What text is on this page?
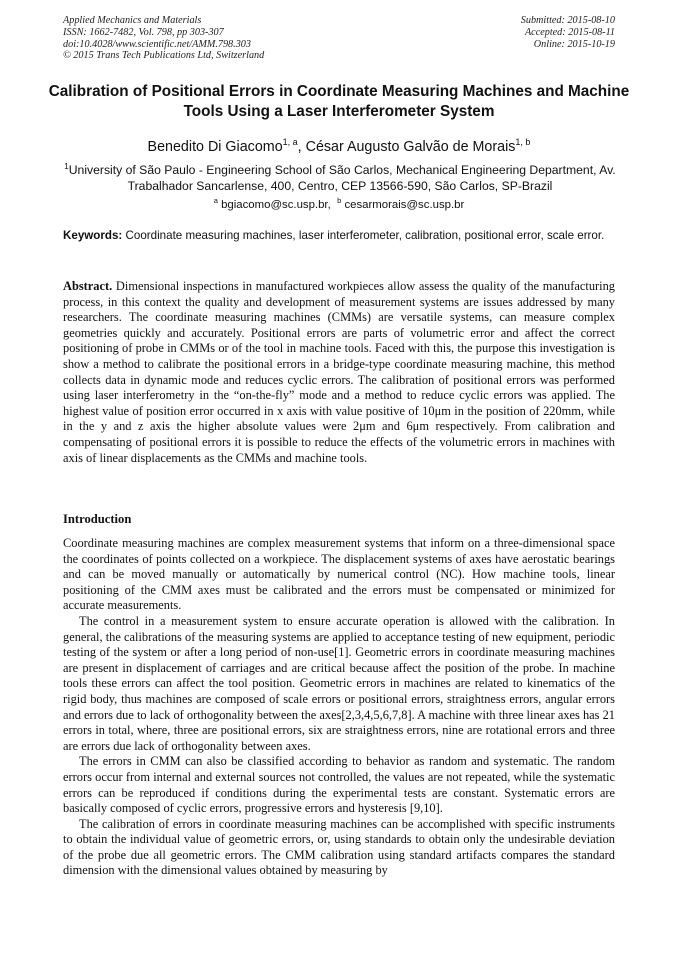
Applied Mechanics and Materials
ISSN: 1662-7482, Vol. 798, pp 303-307
doi:10.4028/www.scientific.net/AMM.798.303
© 2015 Trans Tech Publications Ltd, Switzerland
Submitted: 2015-08-10
Accepted: 2015-08-11
Online: 2015-10-19
Calibration of Positional Errors in Coordinate Measuring Machines and Machine Tools Using a Laser Interferometer System
Benedito Di Giacomo$^{1, a}$, César Augusto Galvão de Morais$^{1, b}$
$^1$University of São Paulo - Engineering School of São Carlos, Mechanical Engineering Department, Av. Trabalhador Sancarlense, 400, Centro, CEP 13566-590, São Carlos, SP-Brazil
$^a$ bgiacomo@sc.usp.br, $^b$ cesarmorais@sc.usp.br
Keywords: Coordinate measuring machines, laser interferometer, calibration, positional error, scale error.
Abstract. Dimensional inspections in manufactured workpieces allow assess the quality of the manufacturing process, in this context the quality and development of measurement systems are issues addressed by many researchers. The coordinate measuring machines (CMMs) are versatile systems, can measure complex geometries quickly and accurately. Positional errors are parts of volumetric error and affect the correct positioning of probe in CMMs or of the tool in machine tools. Faced with this, the purpose this investigation is show a method to calibrate the positional errors in a bridge-type coordinate measuring machine, this method collects data in dynamic mode and reduces cyclic errors. The calibration of positional errors was performed using laser interferometry in the “on-the-fly” mode and a method to reduce cyclic errors was applied. The highest value of position error occurred in x axis with value positive of 10μm in the position of 220mm, while in the y and z axis the higher absolute values were 2μm and 6μm respectively. From calibration and compensating of positional errors it is possible to reduce the effects of the volumetric errors in machines with axis of linear displacements as the CMMs and machine tools.
Introduction

Coordinate measuring machines are complex measurement systems that inform on a three-dimensional space the coordinates of points collected on a workpiece. The displacement systems of axes have aerostatic bearings and can be moved manually or automatically by numerical control (NC). How machine tools, linear positioning of the CMM axes must be calibrated and the errors must be compensated or minimized for accurate measurements.

The control in a measurement system to ensure accurate operation is allowed with the calibration. In general, the calibrations of the measuring systems are applied to acceptance testing of new equipment, periodic testing of the system or after a long period of non-use[1]. Geometric errors in coordinate measuring machines are present in displacement of carriages and are critical because affect the position of the probe. In machine tools these errors can affect the tool position. Geometric errors in machines are related to kinematics of the rigid body, thus machines are composed of scale errors or positional errors, straightness errors, angular errors and errors due to lack of orthogonality between the axes[2,3,4,5,6,7,8]. A machine with three linear axes has 21 errors in total, where, three are positional errors, six are straightness errors, nine are rotational errors and three are errors due lack of orthogonality between axes.

The errors in CMM can also be classified according to behavior as random and systematic. The random errors occur from internal and external sources not controlled, the values are not repeated, while the systematic errors can be reproduced if conditions during the experimental tests are constant. Systematic errors are basically composed of cyclic errors, progressive errors and hysteresis [9,10].

The calibration of errors in coordinate measuring machines can be accomplished with specific instruments to obtain the individual value of geometric errors, or, using standards to obtain only the undesirable deviation of the probe due all geometric errors. The CMM calibration using standard artifacts compares the standard dimension with the dimensional values obtained by measuring by
